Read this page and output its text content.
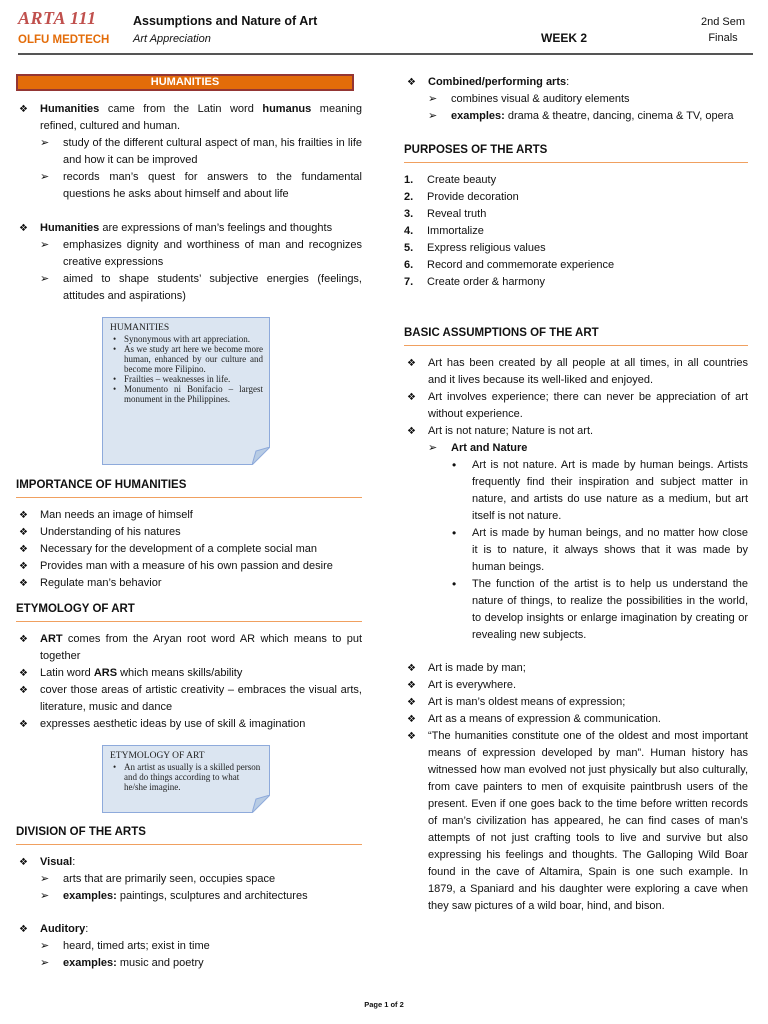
ARTA 111
OLFU MEDTECH
Assumptions and Nature of Art
Art Appreciation	WEEK 2
2nd Sem
Finals
HUMANITIES
❖ Humanities came from the Latin word humanus meaning refined, cultured and human.
➢ study of the different cultural aspect of man, his frailties in life and how it can be improved
➢ records man’s quest for answers to the fundamental questions he asks about himself and about life
❖ Humanities are expressions of man’s feelings and thoughts
➢ emphasizes dignity and worthiness of man and recognizes creative expressions
➢ aimed to shape students’ subjective energies (feelings, attitudes and aspirations)
HUMANITIES
• Synonymous with art appreciation.
• As we study art here we become more human, enhanced by our culture and become more Filipino.
• Frailties – weaknesses in life.
• Monumento ni Bonifacio – largest monument in the Philippines.
IMPORTANCE OF HUMANITIES
❖ Man needs an image of himself
❖ Understanding of his natures
❖ Necessary for the development of a complete social man
❖ Provides man with a measure of his own passion and desire
❖ Regulate man’s behavior
ETYMOLOGY OF ART
❖ ART comes from the Aryan root word AR which means to put together
❖ Latin word ARS which means skills/ability
❖ cover those areas of artistic creativity – embraces the visual arts, literature, music and dance
❖ expresses aesthetic ideas by use of skill & imagination
ETYMOLOGY OF ART
• An artist as usually is a skilled person and do things according to what he/she imagine.
DIVISION OF THE ARTS
❖ Visual:
➢ arts that are primarily seen, occupies space
➢ examples: paintings, sculptures and architectures
❖ Auditory:
➢ heard, timed arts; exist in time
➢ examples: music and poetry
❖ Combined/performing arts:
➢ combines visual & auditory elements
➢ examples: drama & theatre, dancing, cinema & TV, opera
PURPOSES OF THE ARTS
1. Create beauty
2. Provide decoration
3. Reveal truth
4. Immortalize
5. Express religious values
6. Record and commemorate experience
7. Create order & harmony
BASIC ASSUMPTIONS OF THE ART
❖ Art has been created by all people at all times, in all countries and it lives because its well-liked and enjoyed.
❖ Art involves experience; there can never be appreciation of art without experience.
❖ Art is not nature; Nature is not art.
➢ Art and Nature
• Art is not nature. Art is made by human beings. Artists frequently find their inspiration and subject matter in nature, and artists do use nature as a medium, but art itself is not nature.
• Art is made by human beings, and no matter how close it is to nature, it always shows that it was made by human beings.
• The function of the artist is to help us understand the nature of things, to realize the possibilities in the world, to develop insights or enlarge imagination by creating or revealing new subjects.
❖ Art is made by man;
❖ Art is everywhere.
❖ Art is man’s oldest means of expression;
❖ Art as a means of expression & communication.
❖ “The humanities constitute one of the oldest and most important means of expression developed by man”. Human history has witnessed how man evolved not just physically but also culturally, from cave painters to men of exquisite paintbrush users of the present. Even if one goes back to the time before written records of man’s civilization has appeared, he can find cases of man’s attempts of not just crafting tools to live and survive but also expressing his feelings and thoughts. The Galloping Wild Boar found in the cave of Altamira, Spain is one such example. In 1879, a Spaniard and his daughter were exploring a cave when they saw pictures of a wild boar, hind, and bison.
Page 1 of 2
